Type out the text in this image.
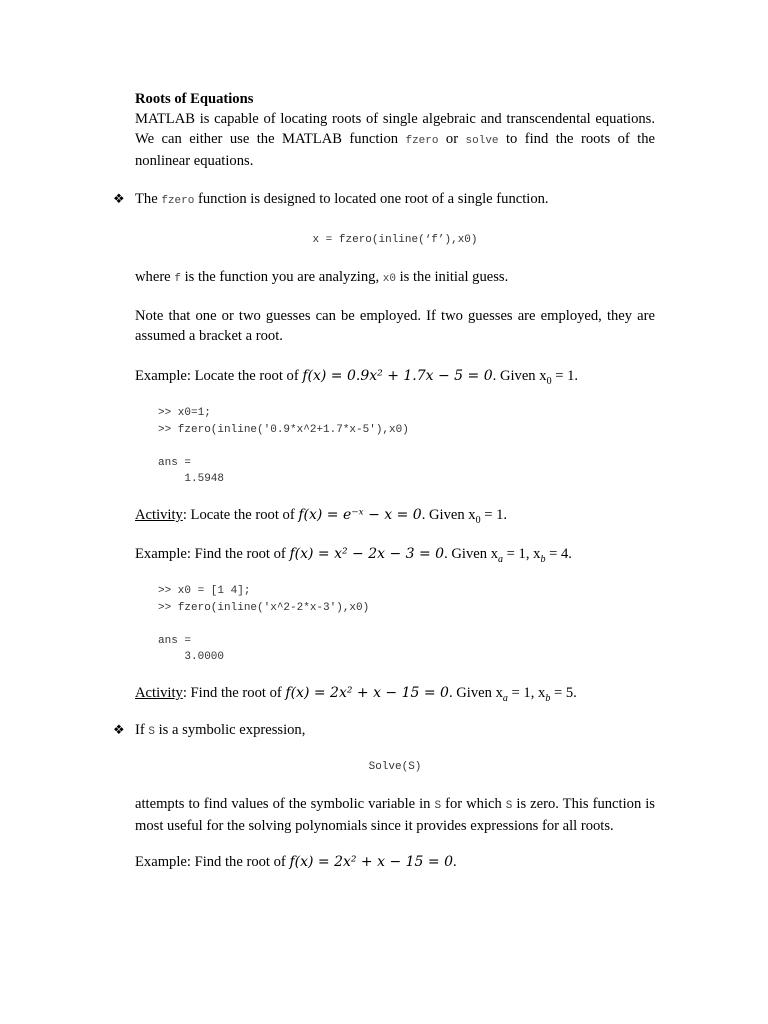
Roots of Equations
MATLAB is capable of locating roots of single algebraic and transcendental equations. We can either use the MATLAB function fzero or solve to find the roots of the nonlinear equations.
❖ The fzero function is designed to located one root of a single function.
x = fzero(inline(‘f’),x0)
where f is the function you are analyzing, x0 is the initial guess.
Note that one or two guesses can be employed. If two guesses are employed, they are assumed a bracket a root.
Example: Locate the root of f(x) = 0.9x² + 1.7x − 5 = 0. Given $x_0 = 1$.
>> x0=1;
>> fzero(inline('0.9*x^2+1.7*x-5'),x0)

ans =
1.5948
Activity: Locate the root of f(x) = e⁻ˣ − x = 0. Given $x_0 = 1$.
Example: Find the root of f(x) = x² − 2x − 3 = 0. Given $x_a = 1$, $x_b = 4$.
>> x0 = [1 4];
>> fzero(inline('x^2-2*x-3'),x0)

ans =
3.0000
Activity: Find the root of f(x) = 2x² + x − 15 = 0. Given $x_a = 1$, $x_b = 5$.
❖ If S is a symbolic expression,
Solve(S)
attempts to find values of the symbolic variable in S for which S is zero. This function is most useful for the solving polynomials since it provides expressions for all roots.
Example: Find the root of f(x) = 2x² + x − 15 = 0.
